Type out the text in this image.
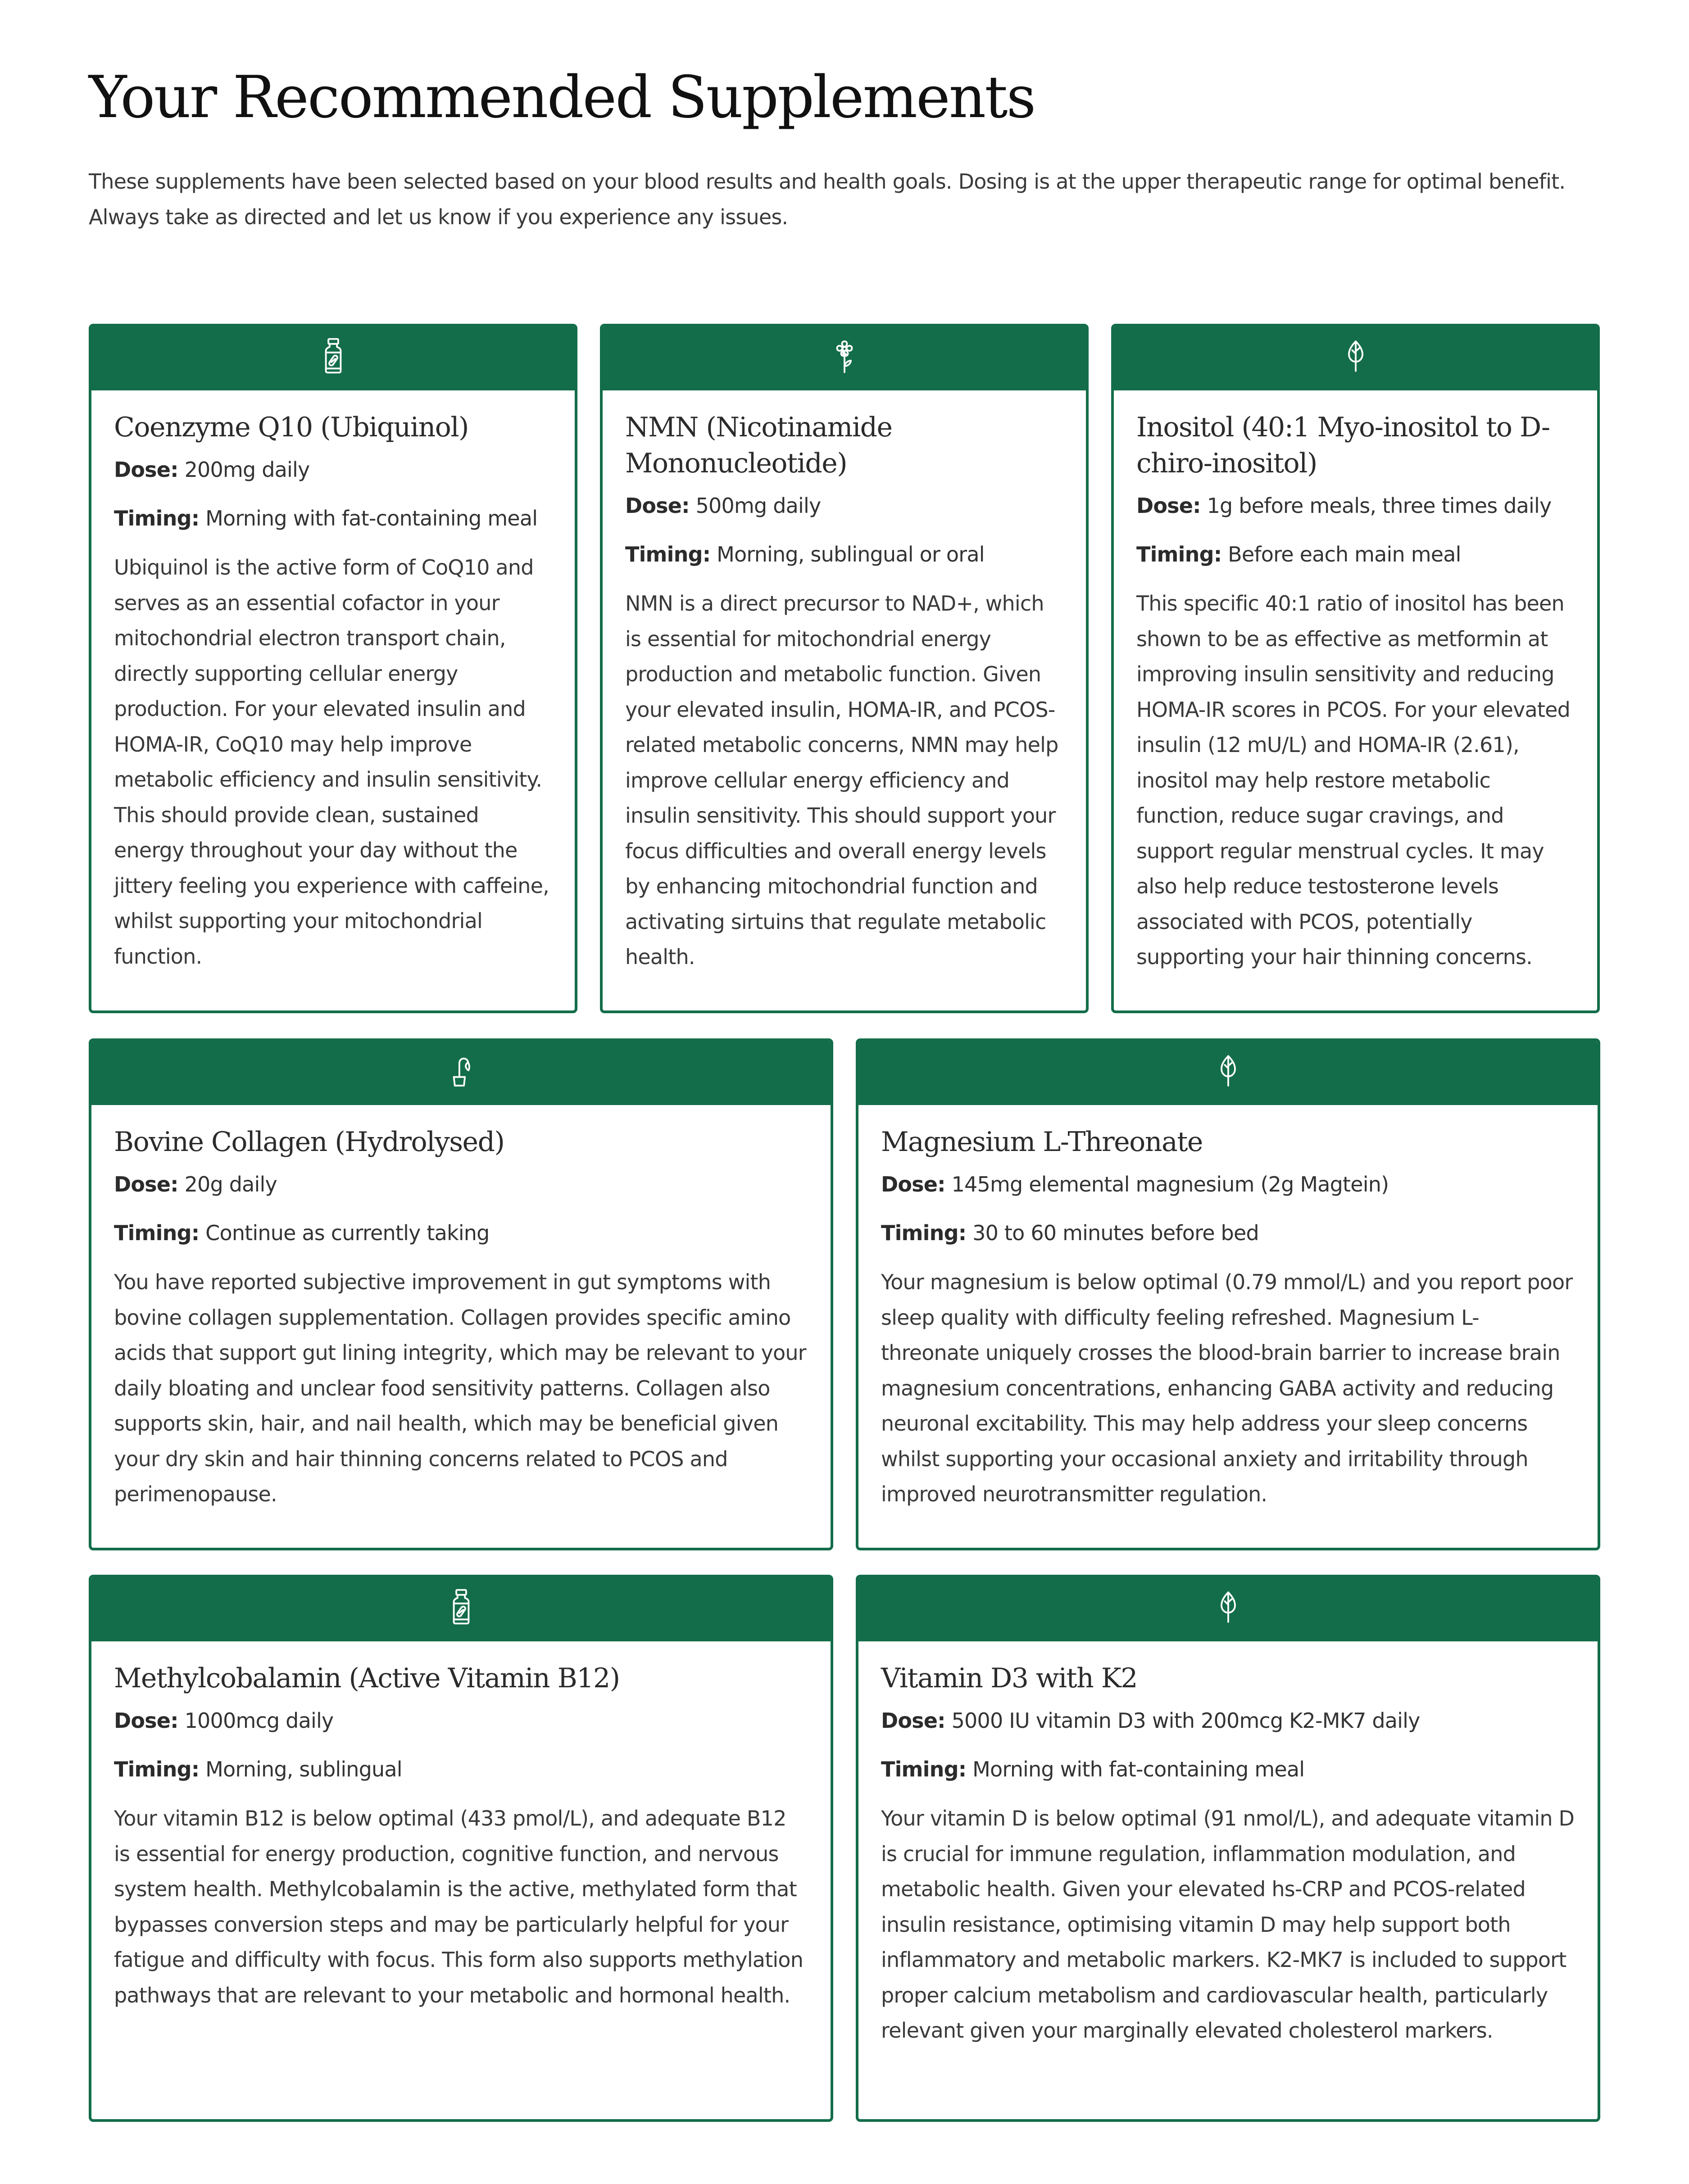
Your Recommended Supplements

These supplements have been selected based on your blood results and health goals. Dosing is at the upper therapeutic range for optimal benefit. Always take as directed and let us know if you experience any issues.

Coenzyme Q10 (Ubiquinol)

Dose: 200mg daily

Timing: Morning with fat-containing meal

Ubiquinol is the active form of CoQ10 and serves as an essential cofactor in your mitochondrial electron transport chain, directly supporting cellular energy production. For your elevated insulin and HOMA-IR, CoQ10 may help improve metabolic efficiency and insulin sensitivity. This should provide clean, sustained energy throughout your day without the jittery feeling you experience with caffeine, whilst supporting your mitochondrial function.

NMN (Nicotinamide Mononucleotide)

Dose: 500mg daily

Timing: Morning, sublingual or oral

NMN is a direct precursor to NAD+, which is essential for mitochondrial energy production and metabolic function. Given your elevated insulin, HOMA-IR, and PCOS-related metabolic concerns, NMN may help improve cellular energy efficiency and insulin sensitivity. This should support your focus difficulties and overall energy levels by enhancing mitochondrial function and activating sirtuins that regulate metabolic health.

Inositol (40:1 Myo-inositol to D-chiro-inositol)

Dose: 1g before meals, three times daily

Timing: Before each main meal

This specific 40:1 ratio of inositol has been shown to be as effective as metformin at improving insulin sensitivity and reducing HOMA-IR scores in PCOS. For your elevated insulin (12 mU/L) and HOMA-IR (2.61), inositol may help restore metabolic function, reduce sugar cravings, and support regular menstrual cycles. It may also help reduce testosterone levels associated with PCOS, potentially supporting your hair thinning concerns.

Bovine Collagen (Hydrolysed)

Dose: 20g daily

Timing: Continue as currently taking

You have reported subjective improvement in gut symptoms with bovine collagen supplementation. Collagen provides specific amino acids that support gut lining integrity, which may be relevant to your daily bloating and unclear food sensitivity patterns. Collagen also supports skin, hair, and nail health, which may be beneficial given your dry skin and hair thinning concerns related to PCOS and perimenopause.

Magnesium L-Threonate

Dose: 145mg elemental magnesium (2g Magtein)

Timing: 30 to 60 minutes before bed

Your magnesium is below optimal (0.79 mmol/L) and you report poor sleep quality with difficulty feeling refreshed. Magnesium L-threonate uniquely crosses the blood-brain barrier to increase brain magnesium concentrations, enhancing GABA activity and reducing neuronal excitability. This may help address your sleep concerns whilst supporting your occasional anxiety and irritability through improved neurotransmitter regulation.

Methylcobalamin (Active Vitamin B12)

Dose: 1000mcg daily

Timing: Morning, sublingual

Your vitamin B12 is below optimal (433 pmol/L), and adequate B12 is essential for energy production, cognitive function, and nervous system health. Methylcobalamin is the active, methylated form that bypasses conversion steps and may be particularly helpful for your fatigue and difficulty with focus. This form also supports methylation pathways that are relevant to your metabolic and hormonal health.

Vitamin D3 with K2

Dose: 5000 IU vitamin D3 with 200mcg K2-MK7 daily

Timing: Morning with fat-containing meal

Your vitamin D is below optimal (91 nmol/L), and adequate vitamin D is crucial for immune regulation, inflammation modulation, and metabolic health. Given your elevated hs-CRP and PCOS-related insulin resistance, optimising vitamin D may help support both inflammatory and metabolic markers. K2-MK7 is included to support proper calcium metabolism and cardiovascular health, particularly relevant given your marginally elevated cholesterol markers.
